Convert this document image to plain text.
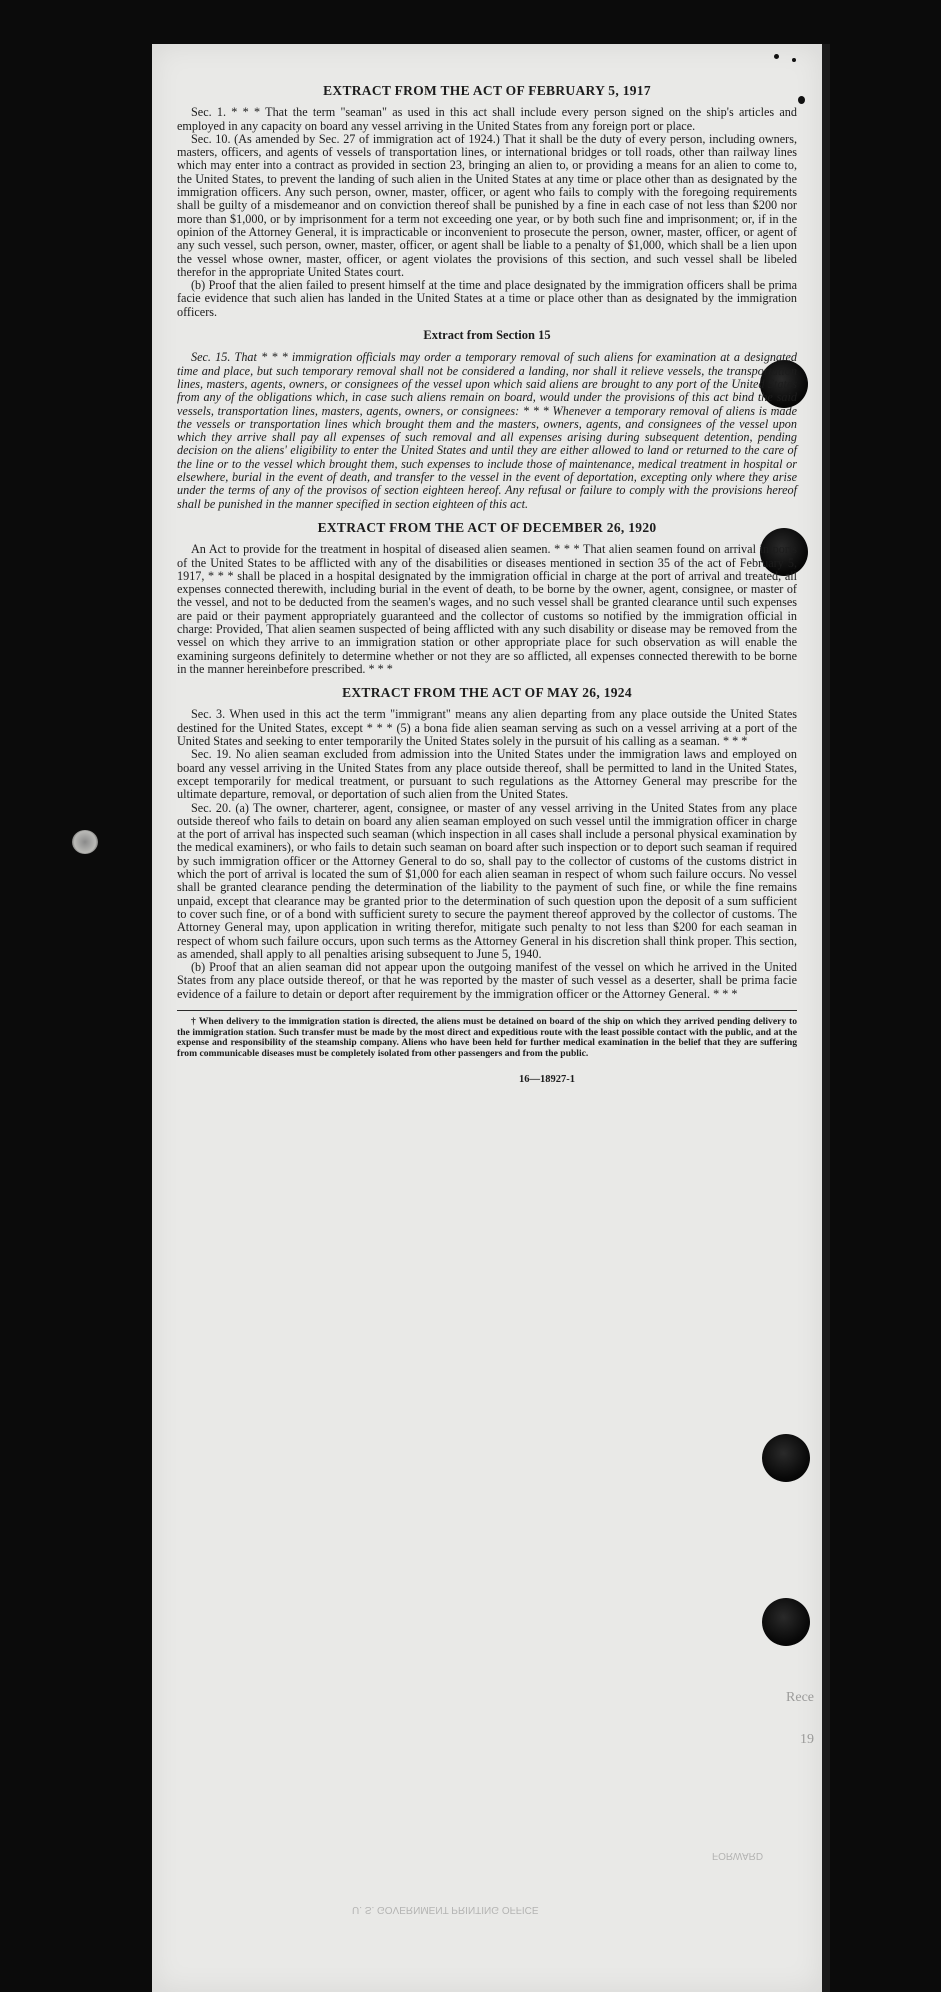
EXTRACT FROM THE ACT OF FEBRUARY 5, 1917

Sec. 1. * * * That the term "seaman" as used in this act shall include every person signed on the ship's articles and employed in any capacity on board any vessel arriving in the United States from any foreign port or place.

Sec. 10. (As amended by Sec. 27 of immigration act of 1924.) That it shall be the duty of every person, including owners, masters, officers, and agents of vessels of transportation lines, or international bridges or toll roads, other than railway lines which may enter into a contract as provided in section 23, bringing an alien to, or providing a means for an alien to come to, the United States, to prevent the landing of such alien in the United States at any time or place other than as designated by the immigration officers. Any such person, owner, master, officer, or agent who fails to comply with the foregoing requirements shall be guilty of a misdemeanor and on conviction thereof shall be punished by a fine in each case of not less than $200 nor more than $1,000, or by imprisonment for a term not exceeding one year, or by both such fine and imprisonment; or, if in the opinion of the Attorney General, it is impracticable or inconvenient to prosecute the person, owner, master, officer, or agent of any such vessel, such person, owner, master, officer, or agent shall be liable to a penalty of $1,000, which shall be a lien upon the vessel whose owner, master, officer, or agent violates the provisions of this section, and such vessel shall be libeled therefor in the appropriate United States court.

(b) Proof that the alien failed to present himself at the time and place designated by the immigration officers shall be prima facie evidence that such alien has landed in the United States at a time or place other than as designated by the immigration officers.

Extract from Section 15

Sec. 15. That * * * immigration officials may order a temporary removal of such aliens for examination at a designated time and place, but such temporary removal shall not be considered a landing, nor shall it relieve vessels, the transportation lines, masters, agents, owners, or consignees of the vessel upon which said aliens are brought to any port of the United States from any of the obligations which, in case such aliens remain on board, would under the provisions of this act bind the said vessels, transportation lines, masters, agents, owners, or consignees: * * * Whenever a temporary removal of aliens is made the vessels or transportation lines which brought them and the masters, owners, agents, and consignees of the vessel upon which they arrive shall pay all expenses of such removal and all expenses arising during subsequent detention, pending decision on the aliens' eligibility to enter the United States and until they are either allowed to land or returned to the care of the line or to the vessel which brought them, such expenses to include those of maintenance, medical treatment in hospital or elsewhere, burial in the event of death, and transfer to the vessel in the event of deportation, excepting only where they arise under the terms of any of the provisos of section eighteen hereof. Any refusal or failure to comply with the provisions hereof shall be punished in the manner specified in section eighteen of this act.

EXTRACT FROM THE ACT OF DECEMBER 26, 1920

An Act to provide for the treatment in hospital of diseased alien seamen. * * * That alien seamen found on arrival in ports of the United States to be afflicted with any of the disabilities or diseases mentioned in section 35 of the act of February 5, 1917, * * * shall be placed in a hospital designated by the immigration official in charge at the port of arrival and treated, all expenses connected therewith, including burial in the event of death, to be borne by the owner, agent, consignee, or master of the vessel, and not to be deducted from the seamen's wages, and no such vessel shall be granted clearance until such expenses are paid or their payment appropriately guaranteed and the collector of customs so notified by the immigration official in charge: Provided, That alien seamen suspected of being afflicted with any such disability or disease may be removed from the vessel on which they arrive to an immigration station or other appropriate place for such observation as will enable the examining surgeons definitely to determine whether or not they are so afflicted, all expenses connected therewith to be borne in the manner hereinbefore prescribed. * * *

EXTRACT FROM THE ACT OF MAY 26, 1924

Sec. 3. When used in this act the term "immigrant" means any alien departing from any place outside the United States destined for the United States, except * * * (5) a bona fide alien seaman serving as such on a vessel arriving at a port of the United States and seeking to enter temporarily the United States solely in the pursuit of his calling as a seaman. * * *

Sec. 19. No alien seaman excluded from admission into the United States under the immigration laws and employed on board any vessel arriving in the United States from any place outside thereof, shall be permitted to land in the United States, except temporarily for medical treatment, or pursuant to such regulations as the Attorney General may prescribe for the ultimate departure, removal, or deportation of such alien from the United States.

Sec. 20. (a) The owner, charterer, agent, consignee, or master of any vessel arriving in the United States from any place outside thereof who fails to detain on board any alien seaman employed on such vessel until the immigration officer in charge at the port of arrival has inspected such seaman (which inspection in all cases shall include a personal physical examination by the medical examiners), or who fails to detain such seaman on board after such inspection or to deport such seaman if required by such immigration officer or the Attorney General to do so, shall pay to the collector of customs of the customs district in which the port of arrival is located the sum of $1,000 for each alien seaman in respect of whom such failure occurs. No vessel shall be granted clearance pending the determination of the liability to the payment of such fine, or while the fine remains unpaid, except that clearance may be granted prior to the determination of such question upon the deposit of a sum sufficient to cover such fine, or of a bond with sufficient surety to secure the payment thereof approved by the collector of customs. The Attorney General may, upon application in writing therefor, mitigate such penalty to not less than $200 for each seaman in respect of whom such failure occurs, upon such terms as the Attorney General in his discretion shall think proper. This section, as amended, shall apply to all penalties arising subsequent to June 5, 1940.

(b) Proof that an alien seaman did not appear upon the outgoing manifest of the vessel on which he arrived in the United States from any place outside thereof, or that he was reported by the master of such vessel as a deserter, shall be prima facie evidence of a failure to detain or deport after requirement by the immigration officer or the Attorney General. * * *

† When delivery to the immigration station is directed, the aliens must be detained on board of the ship on which they arrived pending delivery to the immigration station. Such transfer must be made by the most direct and expeditious route with the least possible contact with the public, and at the expense and responsibility of the steamship company. Aliens who have been held for further medical examination in the belief that they are suffering from communicable diseases must be completely isolated from other passengers and from the public.

16—18927-1
U. S. GOVERNMENT PRINTING OFFICE
FORWARD
Rece
19
